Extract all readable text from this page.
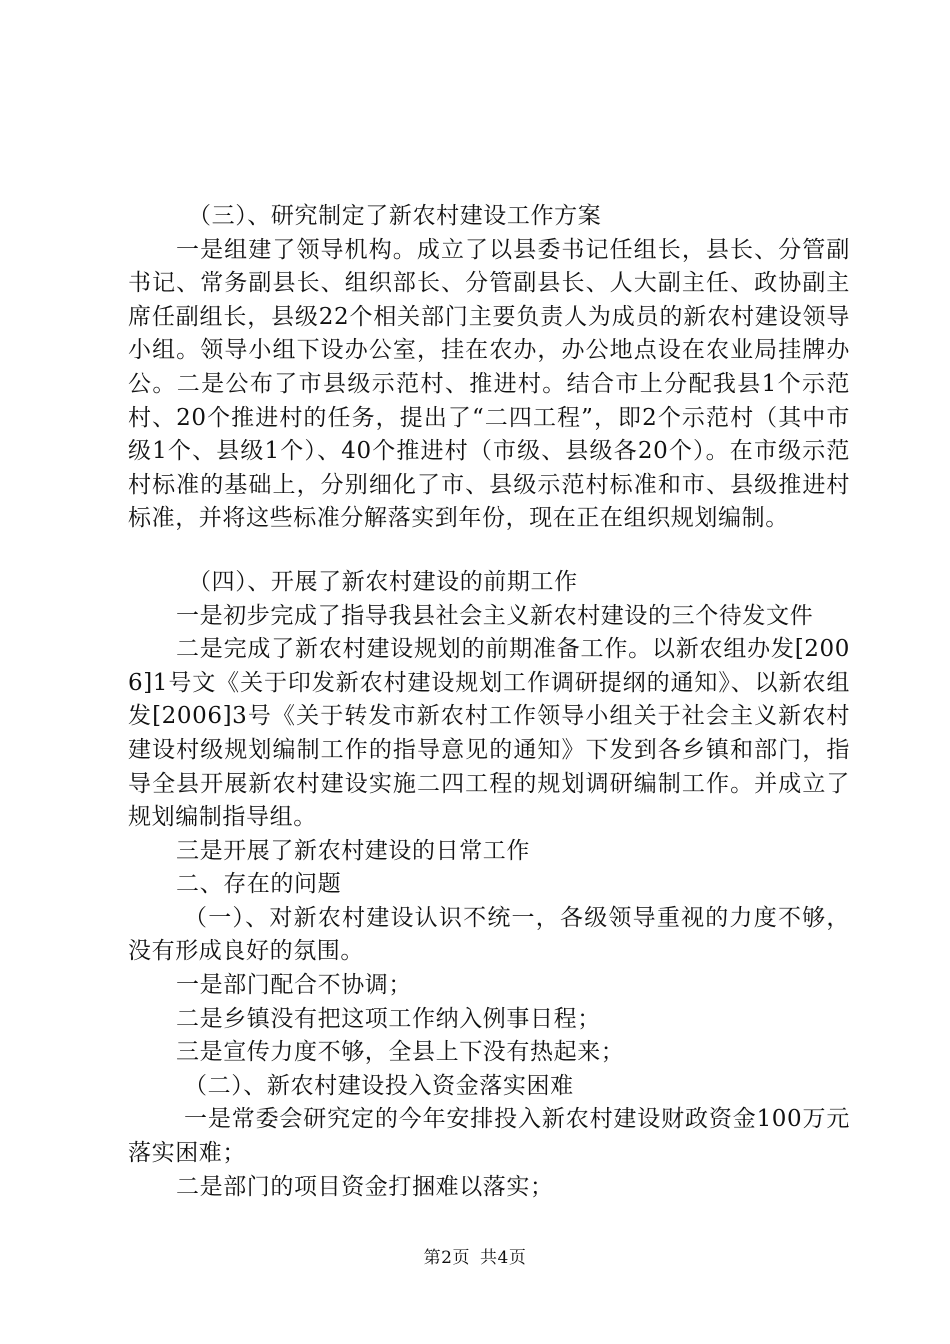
（三）、研究制定了新农村建设工作方案

一是组建了领导机构。成立了以县委书记任组长，县长、分管副书记、常务副县长、组织部长、分管副县长、人大副主任、政协副主席任副组长，县级22个相关部门主要负责人为成员的新农村建设领导小组。领导小组下设办公室，挂在农办，办公地点设在农业局挂牌办公。二是公布了市县级示范村、推进村。结合市上分配我县1个示范村、20个推进村的任务，提出了“二四工程”，即2个示范村（其中市级1个、县级1个）、40个推进村（市级、县级各20个）。在市级示范村标准的基础上，分别细化了市、县级示范村标准和市、县级推进村标准，并将这些标准分解落实到年份，现在正在组织规划编制。

（四）、开展了新农村建设的前期工作

一是初步完成了指导我县社会主义新农村建设的三个待发文件

二是完成了新农村建设规划的前期准备工作。以新农组办发[2006]1号文《关于印发新农村建设规划工作调研提纲的通知》、以新农组发[2006]3号《关于转发市新农村工作领导小组关于社会主义新农村建设村级规划编制工作的指导意见的通知》下发到各乡镇和部门，指导全县开展新农村建设实施二四工程的规划调研编制工作。并成立了规划编制指导组。

三是开展了新农村建设的日常工作

二、存在的问题

（一）、对新农村建设认识不统一，各级领导重视的力度不够，没有形成良好的氛围。

一是部门配合不协调；

二是乡镇没有把这项工作纳入例事日程；

三是宣传力度不够，全县上下没有热起来；

（二）、新农村建设投入资金落实困难

一是常委会研究定的今年安排投入新农村建设财政资金100万元落实困难；

二是部门的项目资金打捆难以落实；

第2页 共4页
